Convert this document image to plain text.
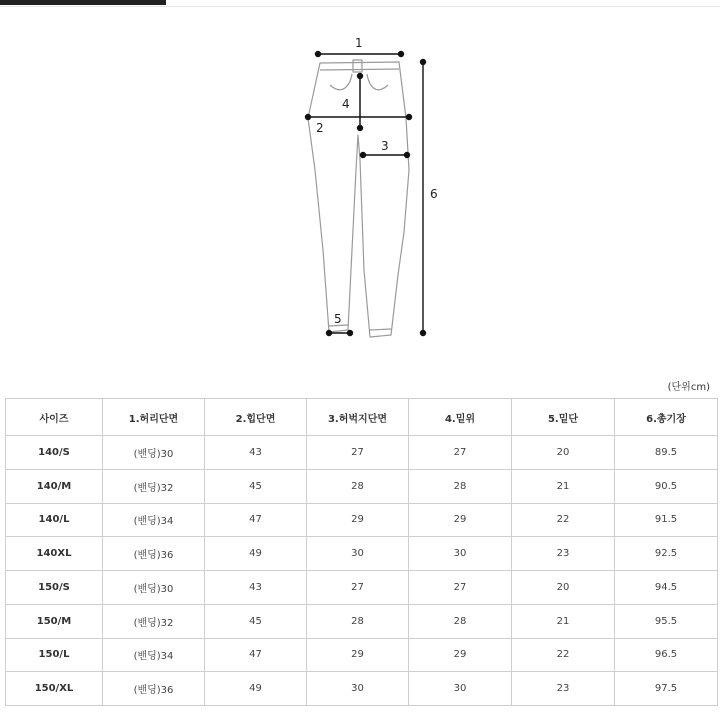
1
2
3
4
5
6
(단위cm)
사이즈	1.허리단면	2.힙단면	3.허벅지단면	4.밑위	5.밑단	6.총기장
140/S	(밴딩)30	43	27	27	20	89.5
140/M	(밴딩)32	45	28	28	21	90.5
140/L	(밴딩)34	47	29	29	22	91.5
140XL	(밴딩)36	49	30	30	23	92.5
150/S	(밴딩)30	43	27	27	20	94.5
150/M	(밴딩)32	45	28	28	21	95.5
150/L	(밴딩)34	47	29	29	22	96.5
150/XL	(밴딩)36	49	30	30	23	97.5
